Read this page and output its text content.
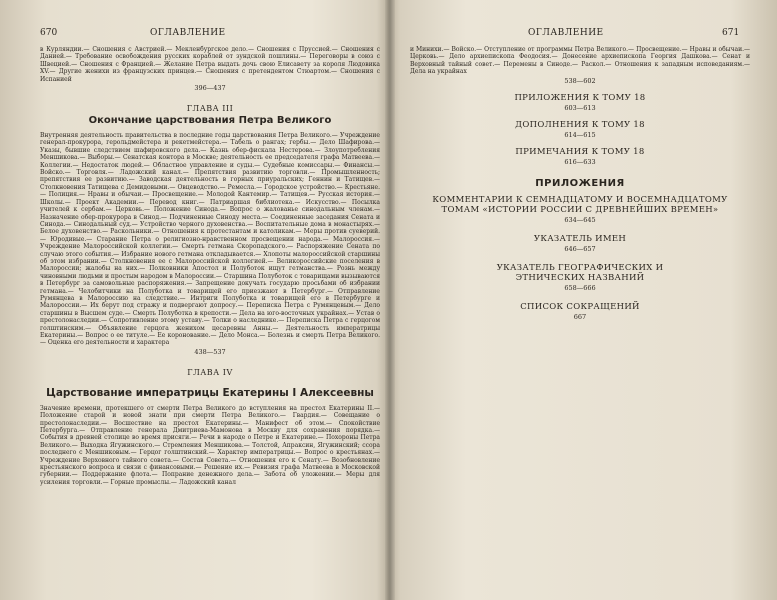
670	ОГЛАВЛЕНИЕ

в Курляндии.— Сношения с Австрией.— Мекленбургское дело.— Сношения с Пруссией.— Сношения с Данией.— Требование освобождения русских кораблей от зундской пошлины.— Переговоры в союз с Швецией.— Сношения с Францией.— Желание Петра выдать дочь свою Елисавету за короля Людовика XV.— Другие женихи из французских принцев.— Сношения с претендентом Стюартом.— Сношения с Испанией

396—437
ГЛАВА III
Окончание царствования Петра Великого

Внутренняя деятельность правительства в последние годы царствования Петра Великого.— Учреждение генерал-прокурора, герольдмейстера и рекетмейстера.— Табель о рангах; гербы.— Дело Шафирова.— Указы, бывшие следствием шафировского дела.— Казнь обер-фискала Нестерова.— Злоупотребления Меншикова.— Выборы.— Сенатская контора в Москве; деятельность ее председателя графа Матвеева.— Коллегии.— Недостаток людей.— Областное управление и суды.— Судебные комиссары.— Финансы.— Войско.— Торговля.— Ладожский канал.— Препятствия развитию торговли.— Промышленность; препятствия ее развитию.— Заводская деятельность в горных приуральских; Геннин и Татищев.— Столкновения Татищева с Демидовыми.— Овцеводство.— Ремесла.— Городское устройство.— Крестьяне.— Полиция.— Нравы и обычаи.— Просвещение.— Молодой Кантемир.— Татищев.— Русская история.— Школы.— Проект Академии.— Перевод книг.— Патриаршая библиотека.— Искусство.— Посылка учителей к сербам.— Церковь.— Положение Синода.— Вопрос о жалованье синодальным членам.— Назначение обер-прокурора в Синод.— Подчиненные Синоду места.— Соединенные заседания Сената и Синода.— Синодальный суд.— Устройство черного духовенства.— Воспитательные дома в монастырях.— Белое духовенство.— Раскольники.— Отношения к протестантам и католикам.— Меры против суеверий.— Юродивые.— Старание Петра о религиозно-нравственном просвещении народа.— Малороссия.— Учреждение Малороссийской коллегии.— Смерть гетмана Скоропадского.— Распоряжение Сената по случаю этого события.— Избрание нового гетмана откладывается.— Хлопоты малороссийской старшины об этом избрании.— Столкновения ее с Малороссийской коллегией.— Великороссийские поселения в Малороссии; жалобы на них.— Полковники Апостол и Полуботок ищут гетманства.— Рознь между чиновными людьми и простым народом в Малороссии.— Старшина Полуботок с товарищами вызываются в Петербург за самовольные распоряжения.— Запрещение докучать государю просьбами об избрании гетмана.— Челобитчики на Полуботка и товарищей его приезжают в Петербург.— Отправление Румянцева в Малороссию на следствие.— Интриги Полуботка и товарищей его в Петербурге и Малороссии.— Их берут под стражу и подвергают допросу.— Переписка Петра с Румянцевым.— Дело старшины в Высшем суде.— Смерть Полуботка в крепости.— Дела на юго-восточных украйнах.— Устав о престолонаследии.— Сопротивление этому уставу.— Толки о наследнике.— Переписка Петра с герцогом голштинским.— Объявление герцога женихом цесаревны Анны.— Деятельность императрицы Екатерины.— Вопрос о ее титуле.— Ее коронование.— Дело Монса.— Болезнь и смерть Петра Великого.— Оценка его деятельности и характера

438—537
ГЛАВА IV
Царствование императрицы Екатерины I Алексеевны

Значение времени, протекшего от смерти Петра Великого до вступления на престол Екатерины II.— Положение старой и новой знати при смерти Петра Великого.— Гвардия.— Совещание о престолонаследии.— Восшествие на престол Екатерины.— Манифест об этом.— Спокойствие Петербурга.— Отправление генерала Дмитриева-Мамонова в Москву для сохранения порядка.— События в древней столице во время присяги.— Речи в народе о Петре и Екатерине.— Похороны Петра Великого.— Выходка Ягужинского.— Стремления Меншикова.— Толстой, Апраксин, Ягужинский; ссора последнего с Меншиковым.— Герцог голштинский.— Характер императрицы.— Вопрос о крестьянах.— Учреждение Верховного тайного совета.— Состав Совета.— Отношения его к Сенату.— Возобновление крестьянского вопроса и связи с финансовыми.— Решение их.— Ревизия графа Матвеева в Московской губернии.— Поддержание флота.— Попрание денежного дела.— Забота об уложении.— Меры для усиления торговли.— Горные промыслы.— Ладожский канал

ОГЛАВЛЕНИЕ	671

и Минихи.— Войско.— Отступление от программы Петра Великого.— Просвещение.— Нравы и обычаи.— Церковь.— Дело архиепископа Феодосия.— Донесение архиепископа Георгия Дашкова.— Сенат и Верховный тайный совет.— Перемены в Синоде.— Раскол.— Отношения к западным исповеданиям.— Дела на украйнах

538—602
ПРИЛОЖЕНИЯ К ТОМУ 18
603—613
ДОПОЛНЕНИЯ К ТОМУ 18
614—615
ПРИМЕЧАНИЯ К ТОМУ 18
616—633
ПРИЛОЖЕНИЯ
КОММЕНТАРИИ К СЕМНАДЦАТОМУ И ВОСЕМНАДЦАТОМУ ТОМАМ «ИСТОРИИ РОССИИ С ДРЕВНЕЙШИХ ВРЕМЕН»
634—645
УКАЗАТЕЛЬ ИМЕН
646—657
УКАЗАТЕЛЬ ГЕОГРАФИЧЕСКИХ И ЭТНИЧЕСКИХ НАЗВАНИЙ
658—666
СПИСОК СОКРАЩЕНИЙ
667
